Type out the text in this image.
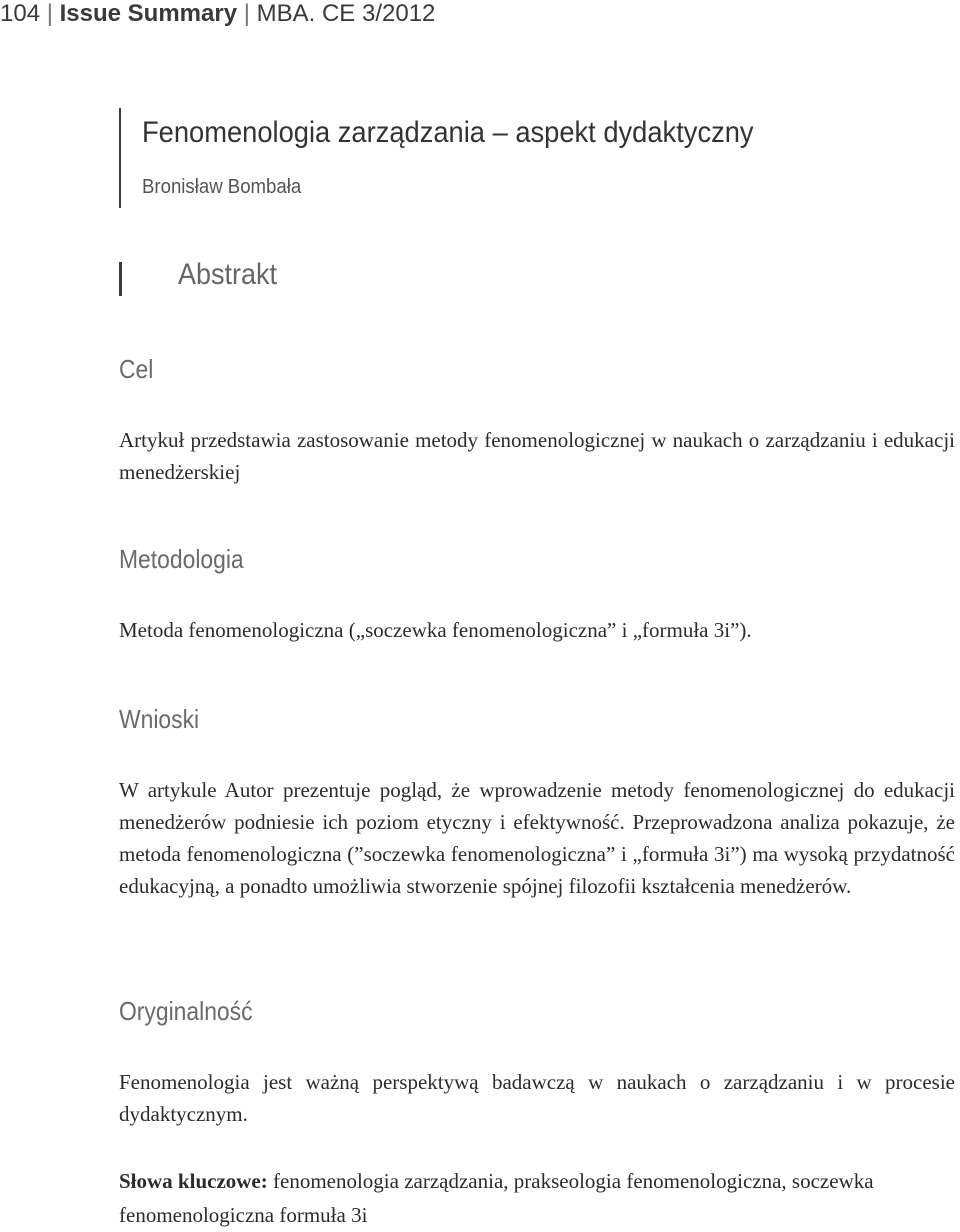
104 | Issue Summary | MBA. CE 3/2012
Fenomenologia zarządzania – aspekt dydaktyczny
Bronisław Bombała
Abstrakt
Cel
Artykuł przedstawia zastosowanie metody fenomenologicznej w naukach o zarządzaniu i edukacji menedżerskiej
Metodologia
Metoda fenomenologiczna („soczewka fenomenologiczna” i „formuła 3i”).
Wnioski
W artykule Autor prezentuje pogląd, że wprowadzenie metody fenomenologicznej do edukacji menedżerów podniesie ich poziom etyczny i efektywność. Przeprowadzona analiza pokazuje, że metoda fenomenologiczna (”soczewka fenomenologiczna” i „formuła 3i”) ma wysoką przydatność edukacyjną, a ponadto umożliwia stworzenie spójnej filozofii kształcenia menedżerów.
Oryginalność
Fenomenologia jest ważną perspektywą badawczą w naukach o zarządzaniu i w procesie dydaktycznym.
Słowa kluczowe: fenomenologia zarządzania, prakseologia fenomenologiczna, soczewka fenomenologiczna formuła 3i
